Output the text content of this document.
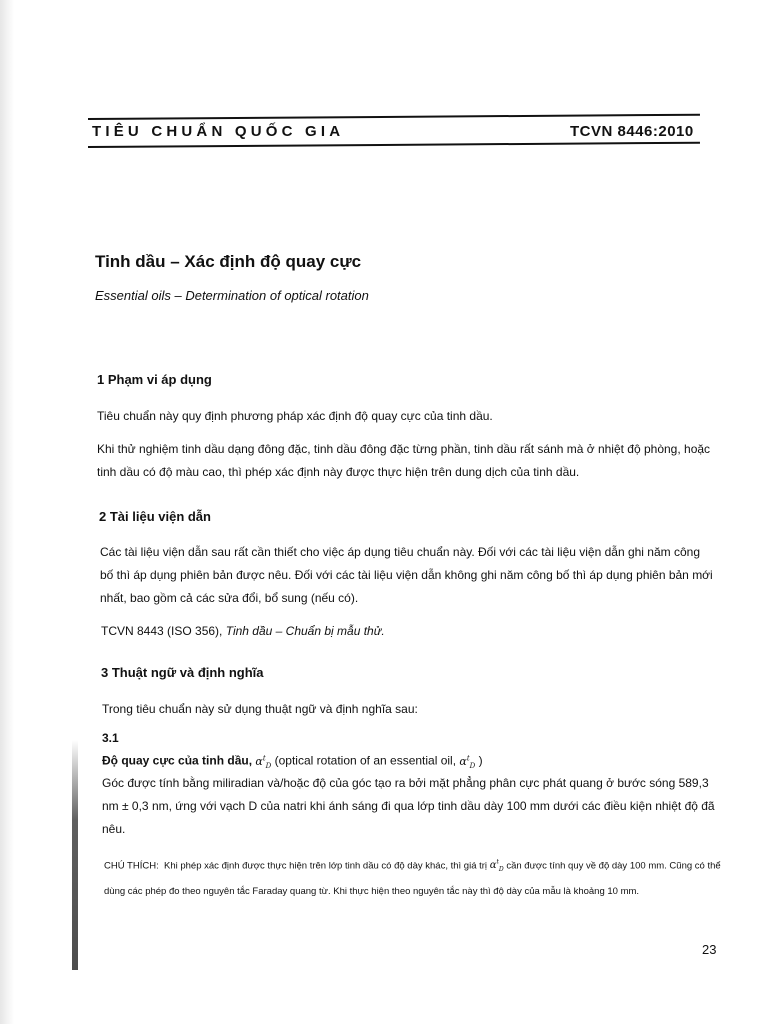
TIÊU CHUẨN QUỐC GIA	TCVN 8446:2010
Tinh dầu – Xác định độ quay cực
Essential oils – Determination of optical rotation
1 Phạm vi áp dụng
Tiêu chuẩn này quy định phương pháp xác định độ quay cực của tinh dầu.
Khi thử nghiệm tinh dầu dạng đông đặc, tinh dầu đông đặc từng phần, tinh dầu rất sánh mà ở nhiệt độ phòng, hoặc tinh dầu có độ màu cao, thì phép xác định này được thực hiện trên dung dịch của tinh dầu.
2 Tài liệu viện dẫn
Các tài liệu viện dẫn sau rất cần thiết cho việc áp dụng tiêu chuẩn này. Đối với các tài liệu viện dẫn ghi năm công bố thì áp dụng phiên bản được nêu. Đối với các tài liệu viện dẫn không ghi năm công bố thì áp dụng phiên bản mới nhất, bao gồm cả các sửa đổi, bổ sung (nếu có).
TCVN 8443 (ISO 356), Tinh dầu – Chuẩn bị mẫu thử.
3 Thuật ngữ và định nghĩa
Trong tiêu chuẩn này sử dụng thuật ngữ và định nghĩa sau:
3.1
Độ quay cực của tinh dầu, $\alpha^t_D$ (optical rotation of an essential oil, $\alpha^t_D$ )
Góc được tính bằng miliradian và/hoặc độ của góc tạo ra bởi mặt phẳng phân cực phát quang ở bước sóng 589,3 nm ± 0,3 nm, ứng với vạch D của natri khi ánh sáng đi qua lớp tinh dầu dày 100 mm dưới các điều kiện nhiệt độ đã nêu.
CHÚ THÍCH: Khi phép xác định được thực hiện trên lớp tinh dầu có độ dày khác, thì giá trị $\alpha^t_D$ cần được tính quy về độ dày 100 mm. Cũng có thể dùng các phép đo theo nguyên tắc Faraday quang từ. Khi thực hiện theo nguyên tắc này thì độ dày của mẫu là khoảng 10 mm.
23
